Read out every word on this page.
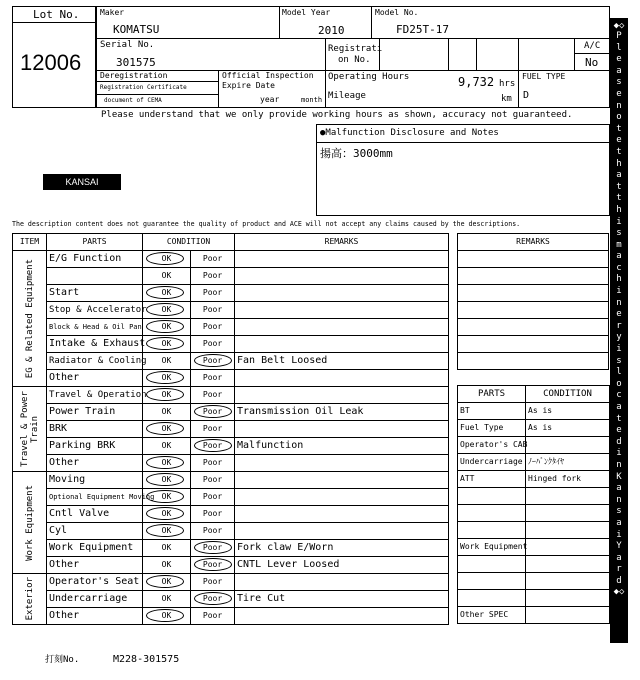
Lot No.
12006
Maker
KOMATSU
Model Year
2010
Model No.
FD25T-17
Serial No.
301575
Registrati
on No.
A/C
No
Deregistration
Registration Certificate
document of CEMA
Official Inspection
Expire Date
year	month
Operating Hours	9,732 hrs
Mileage	km
FUEL TYPE
D
Please understand that we only provide working hours as shown, accuracy not guaranteed.
●Malfunction Disclosure and Notes
揚高：3000mm
KANSAI
The description content does not guarantee the quality of product and ACE will not accept any claims caused by the descriptions.
ITEM	PARTS	CONDITION		REMARKS

EG & Related Equipment	E/G Function	OK	Poor	
		OK	Poor	
	Start	OK	Poor	
	Stop & Accelerator	OK	Poor	
	Block & Head & Oil Pan	OK	Poor	
	Intake & Exhaust	OK	Poor	
	Radiator & Cooling	OK	Poor	Fan Belt Loosed
	Other	OK	Poor	

Travel & Power Train	Travel & Operation	OK	Poor	
	Power Train	OK	Poor	Transmission Oil Leak
	BRK	OK	Poor	
	Parking BRK	OK	Poor	Malfunction
	Other	OK	Poor	

Work Equipment	Moving	OK	Poor	
	Optional Equipment Moving	OK	Poor	
	Cntl Valve	OK	Poor	
	Cyl	OK	Poor	
	Work Equipment	OK	Poor	Fork claw E/Worn
	Other	OK	Poor	CNTL Lever Loosed

Exterior	Operator's Seat	OK	Poor	
	Undercarriage	OK	Poor	Tire Cut
	Other	OK	Poor	
REMARKS

PARTS	CONDITION
BT	As is
Fuel Type	As is
Operator's CAB	
Undercarriage	ﾉｰﾊﾞﾝｸﾀｲﾔ
ATT	Hinged fork

Work Equipment	

Other SPEC	
打刻No.	M228-301575
◆◇
Please note that this machinery is located in Kansai Yard
◆◇
